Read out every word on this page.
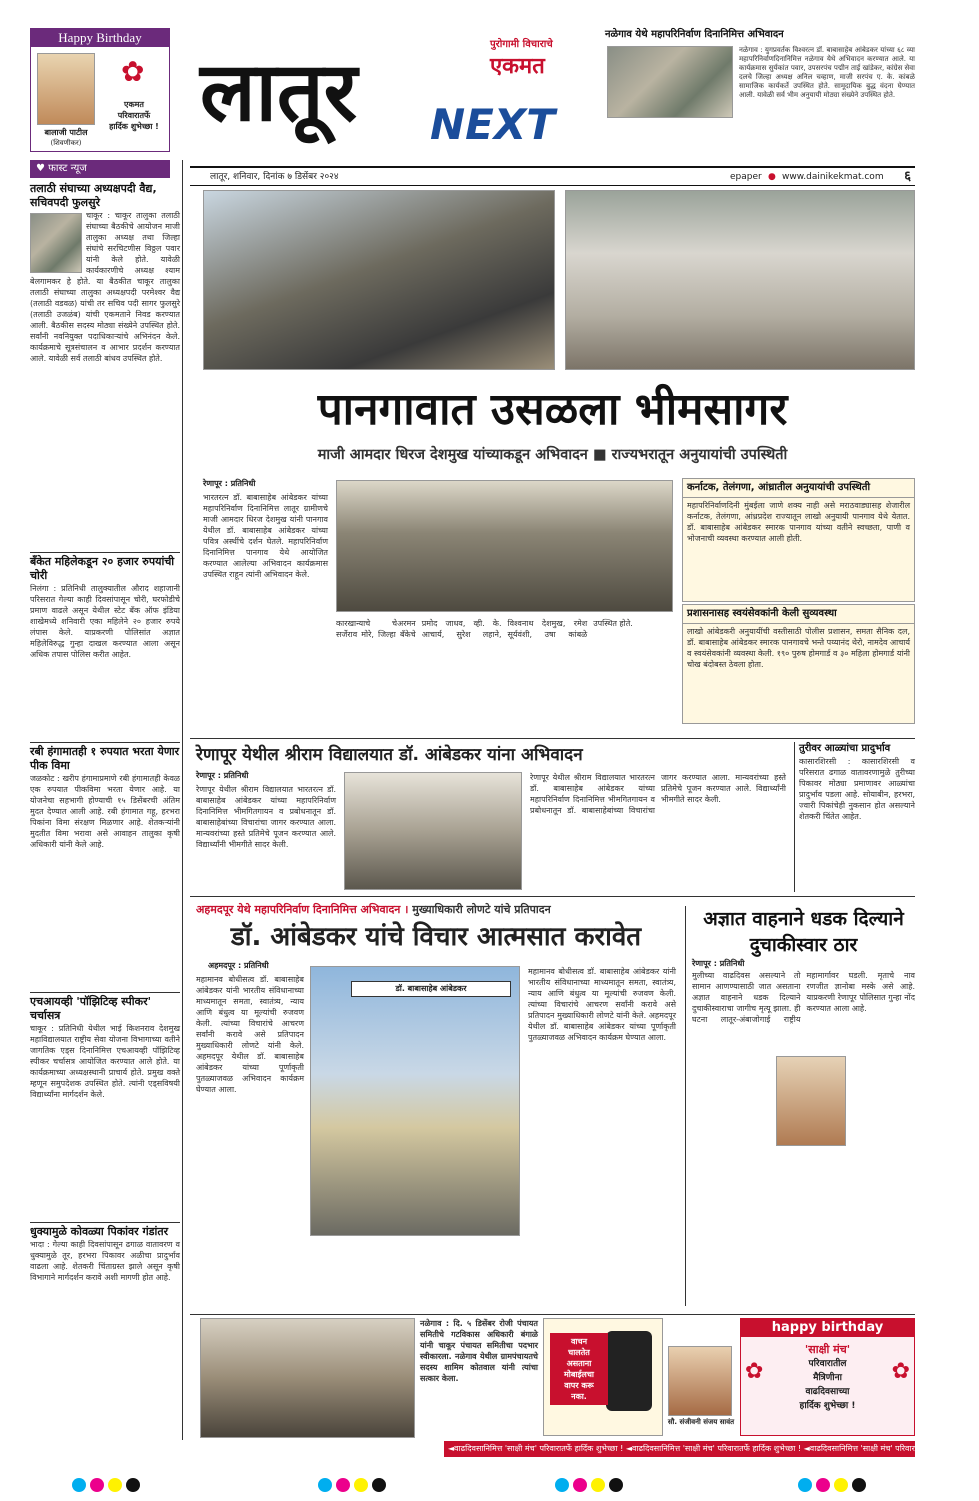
Happy Birthday
✿
बालाजी पाटील
(शिवणीकर)
एकमत
परिवारातर्फे
हार्दिक शुभेच्छा ! लातूर NEXT
पुरोगामी विचाराचे
एकमत
नळेगाव येथे महापरिनिर्वाण दिनानिमित्त अभिवादन
नळेगाव : युगप्रवर्तक विश्वरत्न डॉ. बाबासाहेब आंबेडकर यांच्या ६८ व्या महापरिनिर्वाणदिनानिमित्त नळेगाव येथे अभिवादन करण्यात आले. या कार्यक्रमास सुर्यकांत पवार, उपसरपंच पद्मीन ताई खांडेकर, कांग्रेस सेवा दलचे जिल्हा अध्यक्ष अनिल चव्हाण, माजी सरपंच ए. के. कांबळे सामाजिक कार्यकर्ते उपस्थित होते. सामूदायिक बुद्ध वंदना घेण्यात आली. यावेळी सर्व भीम अनुयायी मोठ्या संख्येने उपस्थित होते.
♥ फास्ट न्यूज
लातूर, शनिवार, दिनांक ७ डिसेंबर २०२४	epaper ● www.dainikekmat.com ६
तलाठी संघाच्या अध्यक्षपदी वैद्य, सचिवपदी फुलसुरे
चाकूर : चाकूर तालुका तलाठी संघाच्या बैठकीचे आयोजन माजी तालुका अध्यक्ष तथा जिल्हा संघांचे सरचिटणीस विठ्ठल पवार यांनी केले होते. यावेळी कार्यकारणीचे अध्यक्ष श्याम बेलगामकर हे होते. या बैठकीत चाकूर तालुका तलाठी संघाच्या तालुका अध्यक्षपदी परमेश्वर वैद्य (तलाठी वडवळ) यांची तर सचिव पदी सागर फुलसुरे (तलाठी उजळंब) यांची एकमताने निवड करण्यात आली. बैठकीस सदस्य मोठ्या संख्येने उपस्थित होते. सर्वांनी नवनियुक्त पदाधिकाऱ्यांचे अभिनंदन केले. कार्यक्रमाचे सूत्रसंचालन व आभार प्रदर्शन करण्यात आले. यावेळी सर्व तलाठी बांधव उपस्थित होते.
बँकेत महिलेकडून २० हजार रुपयांची चोरी
निलंगा : प्रतिनिधी तालुक्यातील औराद शहाजानी परिसरात गेल्या काही दिवसांपासून चोरी, घरफोडीचे प्रमाण वाढले असून येथील स्टेट बँक ऑफ इंडिया शाखेमध्ये शनिवारी एका महिलेने २० हजार रुपये लंपास केले. याप्रकरणी पोलिसांत अज्ञात महिलेविरुद्ध गुन्हा दाखल करण्यात आला असून अधिक तपास पोलिस करीत आहेत.
रबी हंगामातही १ रुपयात भरता येणार पीक विमा
जळकोट : खरीप हंगामाप्रमाणे रबी हंगामातही केवळ एक रुपयात पीकविमा भरता येणार आहे. या योजनेचा सहभागी होण्याची १५ डिसेंबरची अंतिम मुदत देण्यात आली आहे. रबी हंगामात गहू, हरभरा पिकांना विमा संरक्षण मिळणार आहे. शेतकऱ्यांनी मुदतीत विमा भरावा असे आवाहन तालुका कृषी अधिकारी यांनी केले आहे.
एचआयव्ही 'पॉझिटिव्ह स्पीकर' चर्चासत्र
चाकूर : प्रतिनिधी येथील भाई किशनराव देशमुख महाविद्यालयात राष्ट्रीय सेवा योजना विभागाच्या वतीने जागतिक एड्स दिनानिमित्त एचआयव्ही पॉझिटिव्ह स्पीकर चर्चासत्र आयोजित करण्यात आले होते. या कार्यक्रमाच्या अध्यक्षस्थानी प्राचार्य होते. प्रमुख वक्ते म्हणून समुपदेशक उपस्थित होते. त्यांनी एड्सविषयी विद्यार्थ्यांना मार्गदर्शन केले.
धुक्यामुळे कोवळ्या पिकांवर गंडांतर
भादा : गेल्या काही दिवसांपासून ढगाळ वातावरण व धुक्यामुळे तूर, हरभरा पिकावर अळीचा प्रादुर्भाव वाढला आहे. शेतकरी चिंताग्रस्त झाले असून कृषी विभागाने मार्गदर्शन करावे अशी मागणी होत आहे.
पानगावात उसळला भीमसागर
माजी आमदार धिरज देशमुख यांच्याकडून अभिवादन ■ राज्यभरातून अनुयायांची उपस्थिती
रेणापूर : प्रतिनिधी
भारतरत्न डॉ. बाबासाहेब आंबेडकर यांच्या महापरिनिर्वाण दिनानिमित्त लातूर ग्रामीणचे माजी आमदार धिरज देशमुख यांनी पानगाव येथील डॉ. बाबासाहेब आंबेडकर यांच्या पवित्र अस्थींचे दर्शन घेतले. महापरिनिर्वाण दिनानिमित्त पानगाव येथे आयोजित करण्यात आलेल्या अभिवादन कार्यक्रमास उपस्थित राहून त्यांनी अभिवादन केले.
कारखान्याचे चेअरमन सर्जेराव मोरे, जिल्हा बँकेचे प्रमोद जाधव, व्ही. के. आचार्य, सुरेश लहाने, विश्वनाथ देशमुख, रमेश सूर्यवंशी, उषा कांबळे उपस्थित होते.
कर्नाटक, तेलंगणा, आंध्रातील अनुयायांची उपस्थिती
महापरिनिर्वाणदिनी मुंबईला जाणे शक्य नाही असे मराठवाड्यासह शेजारील कर्नाटक, तेलंगणा, आंध्रप्रदेश राज्यातून लाखो अनुयायी पानगाव येथे येतात. डॉ. बाबासाहेब आंबेडकर स्मारक पानगाव यांच्या वतीने स्वच्छता, पाणी व भोजनाची व्यवस्था करण्यात आली होती.
प्रशासनासह स्वयंसेवकांनी केली सुव्यवस्था
लाखो आंबेडकरी अनुयायींची वस्तीसाठी पोलीस प्रशासन, समता सैनिक दल, डॉ. बाबासाहेब आंबेडकर स्मारक पानगावचे भन्ते पय्यानंद थेरो, नामदेव आचार्य व स्वयंसेवकांनी व्यवस्था केली. १९० पुरुष होमगार्ड व ३० महिला होमगार्ड यांनी चोख बंदोबस्त ठेवला होता.
रेणापूर येथील श्रीराम विद्यालयात डॉ. आंबेडकर यांना अभिवादन
रेणापूर : प्रतिनिधी
रेणापूर येथील श्रीराम विद्यालयात भारतरत्न डॉ. बाबासाहेब आंबेडकर यांच्या महापरिनिर्वाण दिनानिमित्त भीमगितगायन व प्रबोधनातून डॉ. बाबासाहेबांच्या विचारांचा जागर करण्यात आला. मान्यवरांच्या हस्ते प्रतिमेचे पूजन करण्यात आले. विद्यार्थ्यांनी भीमगीते सादर केली.
रेणापूर येथील श्रीराम विद्यालयात भारतरत्न डॉ. बाबासाहेब आंबेडकर यांच्या महापरिनिर्वाण दिनानिमित्त भीमगितगायन व प्रबोधनातून डॉ. बाबासाहेबांच्या विचारांचा जागर करण्यात आला. मान्यवरांच्या हस्ते प्रतिमेचे पूजन करण्यात आले. विद्यार्थ्यांनी भीमगीते सादर केली.
तुरीवर आळ्यांचा प्रादुर्भाव
कासारशिरसी : कासारशिरसी व परिसरात ढगाळ वातावरणामुळे तुरीच्या पिकावर मोठ्या प्रमाणावर आळ्यांचा प्रादुर्भाव पडला आहे. सोयाबीन, हरभरा, ज्वारी पिकांचेही नुकसान होत असल्याने शेतकरी चिंतेत आहेत.
अहमदपूर येथे महापरिनिर्वाण दिनानिमित्त अभिवादन । मुख्याधिकारी लोणटे यांचे प्रतिपादन
डॉ. आंबेडकर यांचे विचार आत्मसात करावेत
अहमदपूर : प्रतिनिधी
महामानव बोधीसत्व डॉ. बाबासाहेब आंबेडकर यांनी भारतीय संविधानाच्या माध्यमातून समता, स्वातंत्र्य, न्याय आणि बंधुत्व या मूल्यांची रुजवण केली. त्यांच्या विचारांचे आचरण सर्वांनी करावे असे प्रतिपादन मुख्याधिकारी लोणटे यांनी केले. अहमदपूर येथील डॉ. बाबासाहेब आंबेडकर यांच्या पूर्णाकृती पुतळ्याजवळ अभिवादन कार्यक्रम घेण्यात आला.
डॉ. बाबासाहेब आंबेडकर
महामानव बोधीसत्व डॉ. बाबासाहेब आंबेडकर यांनी भारतीय संविधानाच्या माध्यमातून समता, स्वातंत्र्य, न्याय आणि बंधुत्व या मूल्यांची रुजवण केली. त्यांच्या विचारांचे आचरण सर्वांनी करावे असे प्रतिपादन मुख्याधिकारी लोणटे यांनी केले. अहमदपूर येथील डॉ. बाबासाहेब आंबेडकर यांच्या पूर्णाकृती पुतळ्याजवळ अभिवादन कार्यक्रम घेण्यात आला.
अज्ञात वाहनाने धडक दिल्याने दुचाकीस्वार ठार
रेणापूर : प्रतिनिधी
मुलीच्या वाढदिवस असल्याने तो सामान आणण्यासाठी जात असताना अज्ञात वाहनाने धडक दिल्याने दुचाकीस्वाराचा जागीच मृत्यू झाला. ही घटना लातूर-अंबाजोगाई राष्ट्रीय महामार्गावर घडली. मृताचे नाव रणजीत ज्ञानोबा मस्के असे आहे. याप्रकरणी रेणापूर पोलिसात गुन्हा नोंद करण्यात आला आहे.
नळेगाव : दि. ५ डिसेंबर रोजी पंचायत समितीचे गटविकास अधिकारी बंगाळे यांनी चाकूर पंचायत समितीचा पदभार स्वीकारला. नळेगाव येथील ग्रामपंचायतचे सदस्य शामिम कोतवाल यांनी त्यांचा सत्कार केला.
वाचन
चालतेत
असताना
मोबाईलचा
वापर करू
नका.
सौ. संजीवनी संजय सावंत
happy birthday
✿	✿
'साक्षी मंच'
परिवारातील
मैत्रिणीना
वाढदिवसाच्या
हार्दिक शुभेच्छा !
◄वाढदिवसानिमित्त 'साक्षी मंच' परिवारातर्फे हार्दिक शुभेच्छा ! ◄वाढदिवसानिमित्त 'साक्षी मंच' परिवारातर्फे हार्दिक शुभेच्छा ! ◄वाढदिवसानिमित्त 'साक्षी मंच' परिवारातर्फे हार्दिक शुभेच्छा !
